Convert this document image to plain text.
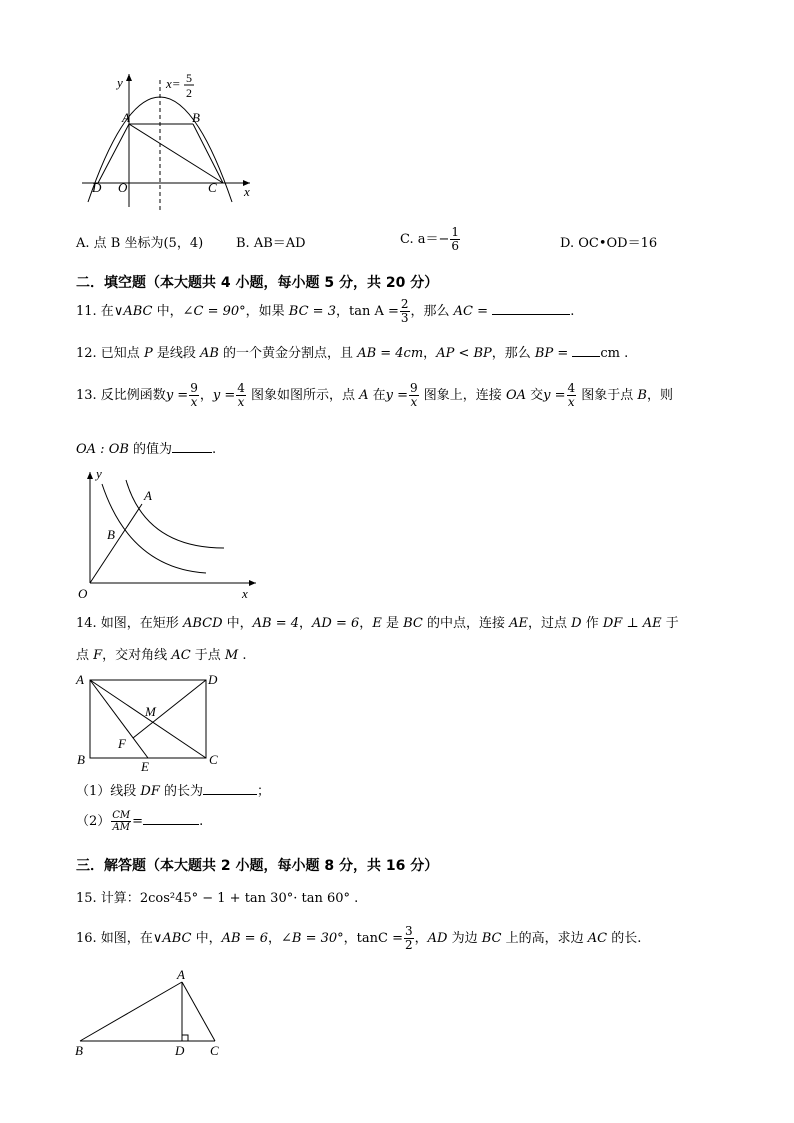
y
x
A	B
C
D O
x= 5
2
A. 点 B 坐标为(5，4)	B. AB＝AD	C. $a=- \frac{1}{6}$	D. OC•OD＝16
二．填空题（本大题共 4 小题，每小题 5 分，共 20 分）
11. 在∨ABC 中，∠C = 90°，如果 BC = 3，$\tan A = \frac{2}{3}$ ，那么 AC =	.
12. 已知点 P 是线段 AB 的一个黄金分割点，且 AB = 4cm，AP < BP，那么 BP = cm .
13. 反比例函数$y = \frac{9}{x}$ ，$y = \frac{4}{x}$ 图象如图所示，点 A 在$y = \frac{9}{x}$ 图象上，连接 OA 交$y = \frac{4}{x}$ 图象于点 B，则
OA : OB 的值为	.
y
x
O
A
B
14. 如图，在矩形 ABCD 中，AB = 4，AD = 6，E 是 BC 的中点，连接 AE，过点 D 作 DF ⊥ AE 于
点 F，交对角线 AC 于点 M .
A	D
B	C
E
F
M
（1）线段 DF 的长为	；
$(2) \frac{CM}{AM}$ =	.
三．解答题（本大题共 2 小题，每小题 8 分，共 16 分）
15. 计算：2cos²45° − 1 + tan 30°· tan 60° .
16. 如图，在∨ABC 中，AB = 6，∠B = 30°，$\tan C = \frac{3}{2}$ ，AD 为边 BC 上的高，求边 AC 的长.
A
B	D C
